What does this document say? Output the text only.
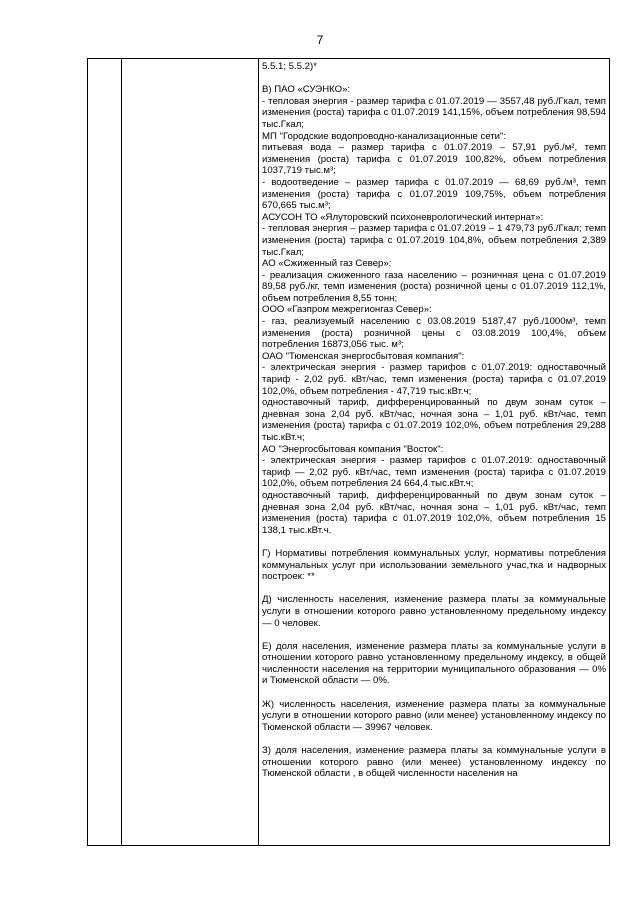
7

5.5.1; 5.5.2)*

В) ПАО «СУЭНКО»:

- тепловая энергия - размер тарифа с 01.07.2019 — 3557,48 руб./Гкал, темп изменения (роста) тарифа с 01.07.2019 141,15%, объем потребления 98,594 тыс.Гкал;

МП "Городские водопроводно-канализационные сети":

питьевая вода – размер тарифа с 01.07.2019 – 57,91 руб./м², темп изменения (роста) тарифа с 01.07.2019 100,82%, объем потребления 1037,719 тыс.м³;

- водоотведение – размер тарифа с 01.07.2019 — 68,69 руб./м³, темп изменения (роста) тарифа с 01.07.2019 109,75%, объем потребления 670,665 тыс.м³;

АСУСОН ТО «Ялуторовский психоневрологический интернат»:

- тепловая энергия – размер тарифа с 01.07.2019 – 1 479,73 руб./Гкал; темп изменения (роста) тарифа с 01.07.2019 104,8%, объем потребления 2,389 тыс.Гкал;

АО «Сжиженный газ Север»:

- реализация сжиженного газа населению – розничная цена с 01.07.2019 89,58 руб./кг, темп изменения (роста) розничной цены с 01.07.2019 112,1%, объем потребления 8,55 тонн;

ООО «Газпром межрегионгаз Север»:

- газ, реализуемый населению с 03.08.2019 5187,47 руб./1000м³, темп изменения (роста) розничной цены с 03.08.2019 100,4%, объем потребления 16873,056 тыс. м³;

ОАО "Тюменская энергосбытовая компания":

- электрическая энергия - размер тарифов с 01.07.2019: одноставочный тариф - 2,02 руб. кВт/час, темп изменения (роста) тарифа с 01.07.2019 102,0%, объем потребления - 47,719 тыс.кВт.ч;

одноставочный тариф, дифференцированный по двум зонам суток – дневная зона 2,04 руб. кВт/час, ночная зона – 1,01 руб. кВт/час, темп изменения (роста) тарифа с 01.07.2019 102,0%, объем потребления 29,288 тыс.кВт.ч;

АО "Энергосбытовая компания "Восток":

- электрическая энергия - размер тарифов с 01.07.2019: одноставочный тариф — 2,02 руб. кВт/час, темп изменения (роста) тарифа с 01.07.2019 102,0%, объем потребления 24 664,4 тыс.кВт.ч;

одноставочный тариф, дифференцированный по двум зонам суток – дневная зона 2,04 руб. кВт/час, ночная зона – 1,01 руб. кВт/час, темп изменения (роста) тарифа с 01.07.2019 102,0%, объем потребления 15 138,1 тыс.кВт.ч.

Г) Нормативы потребления коммунальных услуг, нормативы потребления коммунальных услуг при использовании земельного учас,тка и надворных построек: **

Д) численность населения, изменение размера платы за коммунальные услуги в отношении которого равно установленному предельному индексу — 0 человек.

Е) доля населения, изменение размера платы за коммунальные услуги в отношении которого равно установленному предельному индексу, в общей численности населения на территории муниципального образования — 0% и Тюменской области — 0%.

Ж) численность населения, изменение размера платы за коммунальные услуги в отношении которого равно (или менее) установленному индексу по Тюменской области — 39967 человек.

З) доля населения, изменение размера платы за коммунальные услуги в отношении которого равно (или менее) установленному индексу по Тюменской области , в общей численности населения на
